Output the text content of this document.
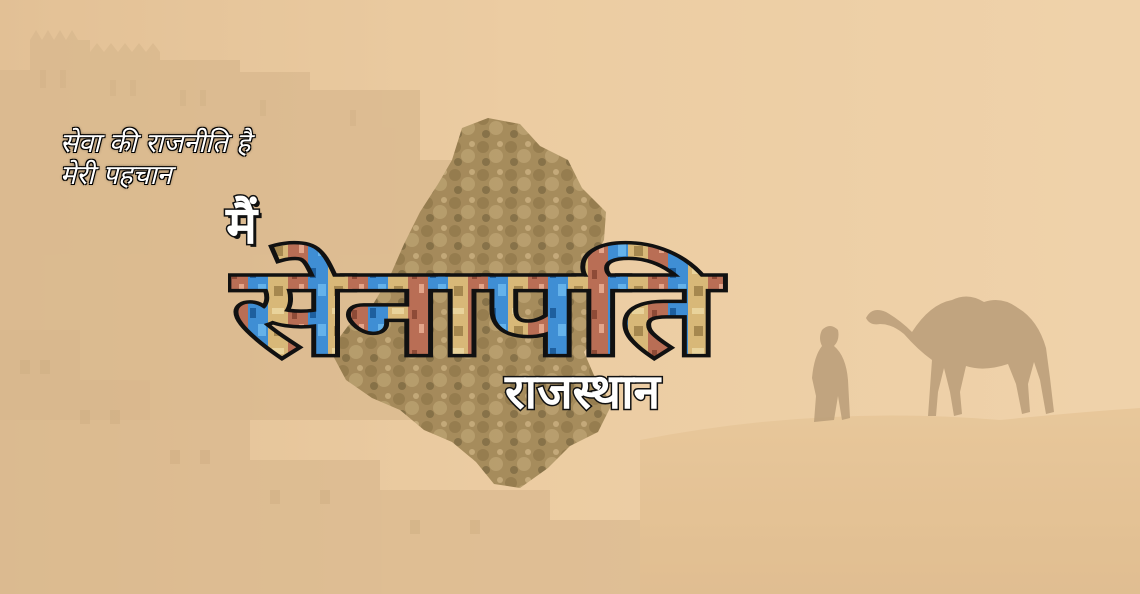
सेवा की राजनीति है
मेरी पहचान
मैं
सेनापति
राजस्थान
